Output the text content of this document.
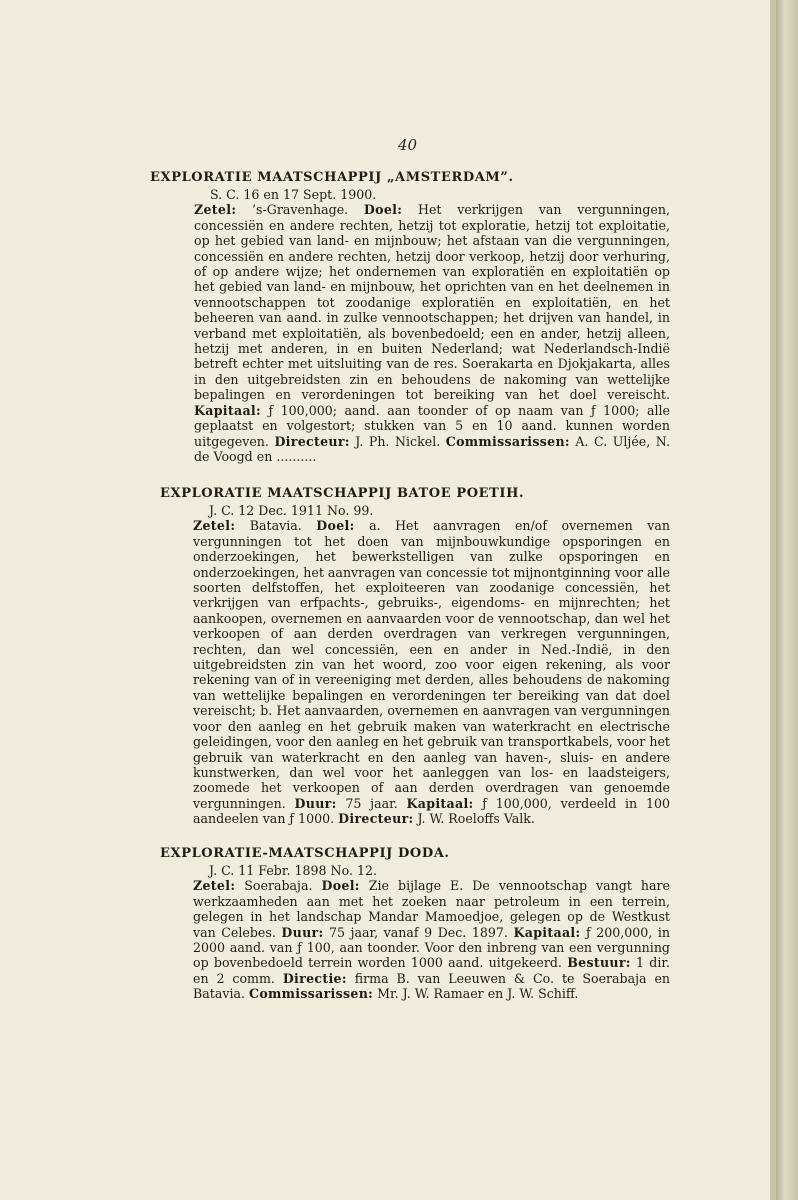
40
EXPLORATIE MAATSCHAPPIJ „AMSTERDAM”.

S. C. 16 en 17 Sept. 1900.
Zetel: ’s-Gravenhage. Doel: Het verkrijgen van vergunningen, concessiën en andere rechten, hetzij tot exploratie, hetzij tot exploitatie, op het gebied van land- en mijnbouw; het afstaan van die vergunningen, concessiën en andere rechten, hetzij door verkoop, hetzij door verhuring, of op andere wijze; het ondernemen van exploratiën en exploitatiën op het gebied van land- en mijnbouw, het oprichten van en het deelnemen in vennootschappen tot zoodanige exploratiën en exploitatiën, en het beheeren van aand. in zulke vennootschappen; het drijven van handel, in verband met exploitatiën, als bovenbedoeld; een en ander, hetzij alleen, hetzij met anderen, in en buiten Nederland; wat Nederlandsch-Indië betreft echter met uitsluiting van de res. Soerakarta en Djokjakarta, alles in den uitgebreidsten zin en behoudens de nakoming van wettelijke bepalingen en verordeningen tot bereiking van het doel vereischt. Kapitaal: ƒ 100,000; aand. aan toonder of op naam van ƒ 1000; alle geplaatst en volgestort; stukken van 5 en 10 aand. kunnen worden uitgegeven. Directeur: J. Ph. Nickel. Commissarissen: A. C. Uljée, N. de Voogd en ..........

EXPLORATIE MAATSCHAPPIJ BATOE POETIH.

J. C. 12 Dec. 1911 No. 99.
Zetel: Batavia. Doel: a. Het aanvragen en/of overnemen van vergunningen tot het doen van mijnbouwkundige opsporingen en onderzoekingen, het bewerkstelligen van zulke opsporingen en onderzoekingen, het aanvragen van concessie tot mijnontginning voor alle soorten delfstoffen, het exploiteeren van zoodanige concessiën, het verkrijgen van erfpachts-, gebruiks-, eigendoms- en mijnrechten; het aankoopen, overnemen en aanvaarden voor de vennootschap, dan wel het verkoopen of aan derden overdragen van verkregen vergunningen, rechten, dan wel concessiën, een en ander in Ned.-Indië, in den uitgebreidsten zin van het woord, zoo voor eigen rekening, als voor rekening van of in vereeniging met derden, alles behoudens de nakoming van wettelijke bepalingen en verordeningen ter bereiking van dat doel vereischt; b. Het aanvaarden, overnemen en aanvragen van vergunningen voor den aanleg en het gebruik maken van waterkracht en electrische geleidingen, voor den aanleg en het gebruik van transportkabels, voor het gebruik van waterkracht en den aanleg van haven-, sluis- en andere kunstwerken, dan wel voor het aanleggen van los- en laadsteigers, zoomede het verkoopen of aan derden overdragen van genoemde vergunningen. Duur: 75 jaar. Kapitaal: ƒ 100,000, verdeeld in 100 aandeelen van ƒ 1000. Directeur: J. W. Roeloffs Valk.

EXPLORATIE-MAATSCHAPPIJ DODA.

J. C. 11 Febr. 1898 No. 12.
Zetel: Soerabaja. Doel: Zie bijlage E. De vennootschap vangt hare werkzaamheden aan met het zoeken naar petroleum in een terrein, gelegen in het landschap Mandar Mamoedjoe, gelegen op de Westkust van Celebes. Duur: 75 jaar, vanaf 9 Dec. 1897. Kapitaal: ƒ 200,000, in 2000 aand. van ƒ 100, aan toonder. Voor den inbreng van een vergunning op bovenbedoeld terrein worden 1000 aand. uitgekeerd. Bestuur: 1 dir. en 2 comm. Directie: firma B. van Leeuwen & Co. te Soerabaja en Batavia. Commissarissen: Mr. J. W. Ramaer en J. W. Schiff.
